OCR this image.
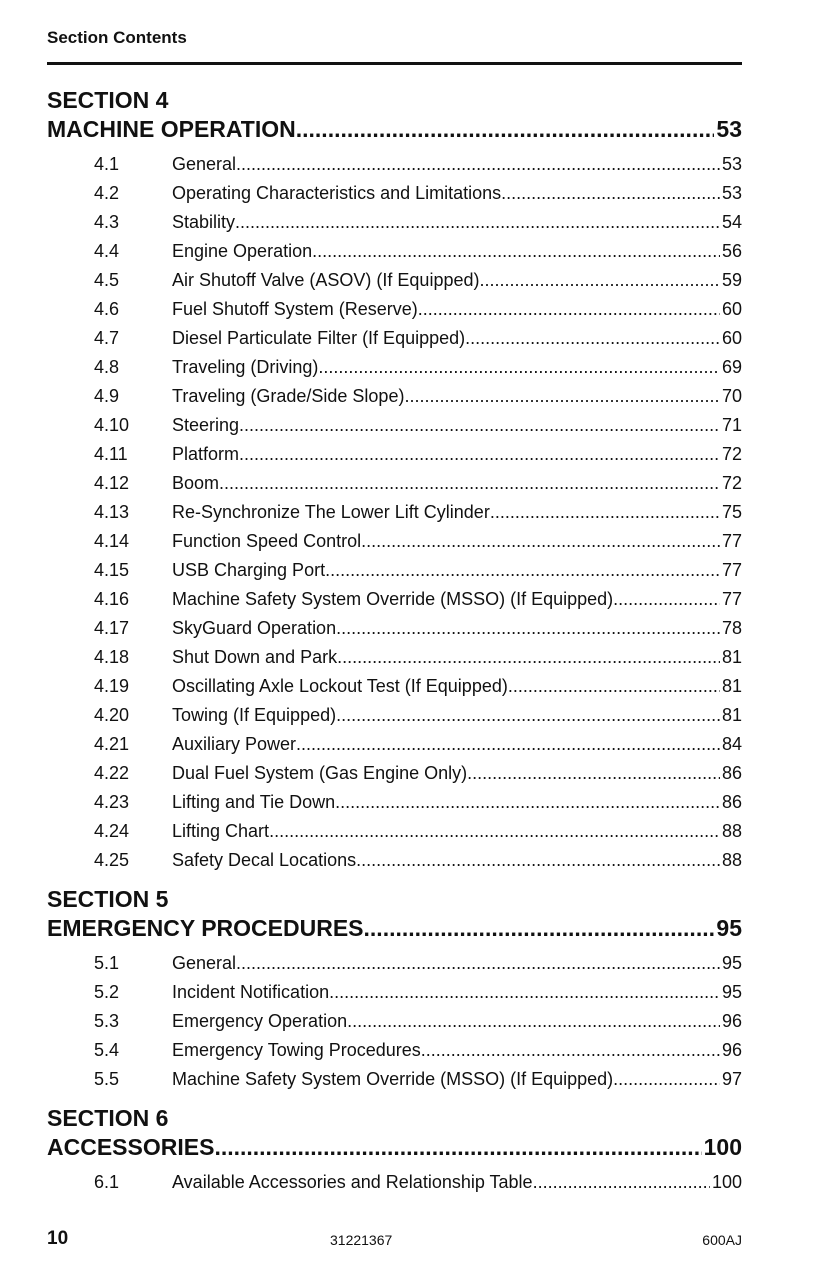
Section Contents
SECTION 4
MACHINE OPERATION .....	53
4.1	General .....	53
4.2	Operating Characteristics and Limitations .....	53
4.3	Stability .....	54
4.4	Engine Operation .....	56
4.5	Air Shutoff Valve (ASOV) (If Equipped) .....	59
4.6	Fuel Shutoff System (Reserve) .....	60
4.7	Diesel Particulate Filter (If Equipped) .....	60
4.8	Traveling (Driving) .....	69
4.9	Traveling (Grade/Side Slope) .....	70
4.10	Steering .....	71
4.11	Platform .....	72
4.12	Boom .....	72
4.13	Re-Synchronize The Lower Lift Cylinder .....	75
4.14	Function Speed Control .....	77
4.15	USB Charging Port .....	77
4.16	Machine Safety System Override (MSSO) (If Equipped) .....	77
4.17	SkyGuard Operation .....	78
4.18	Shut Down and Park .....	81
4.19	Oscillating Axle Lockout Test (If Equipped) .....	81
4.20	Towing (If Equipped) .....	81
4.21	Auxiliary Power .....	84
4.22	Dual Fuel System (Gas Engine Only) .....	86
4.23	Lifting and Tie Down .....	86
4.24	Lifting Chart .....	88
4.25	Safety Decal Locations .....	88
SECTION 5
EMERGENCY PROCEDURES .....	95
5.1	General .....	95
5.2	Incident Notification .....	95
5.3	Emergency Operation .....	96
5.4	Emergency Towing Procedures .....	96
5.5	Machine Safety System Override (MSSO) (If Equipped) .....	97
SECTION 6
ACCESSORIES .....	100
6.1	Available Accessories and Relationship Table .....	100
10	31221367	600AJ
